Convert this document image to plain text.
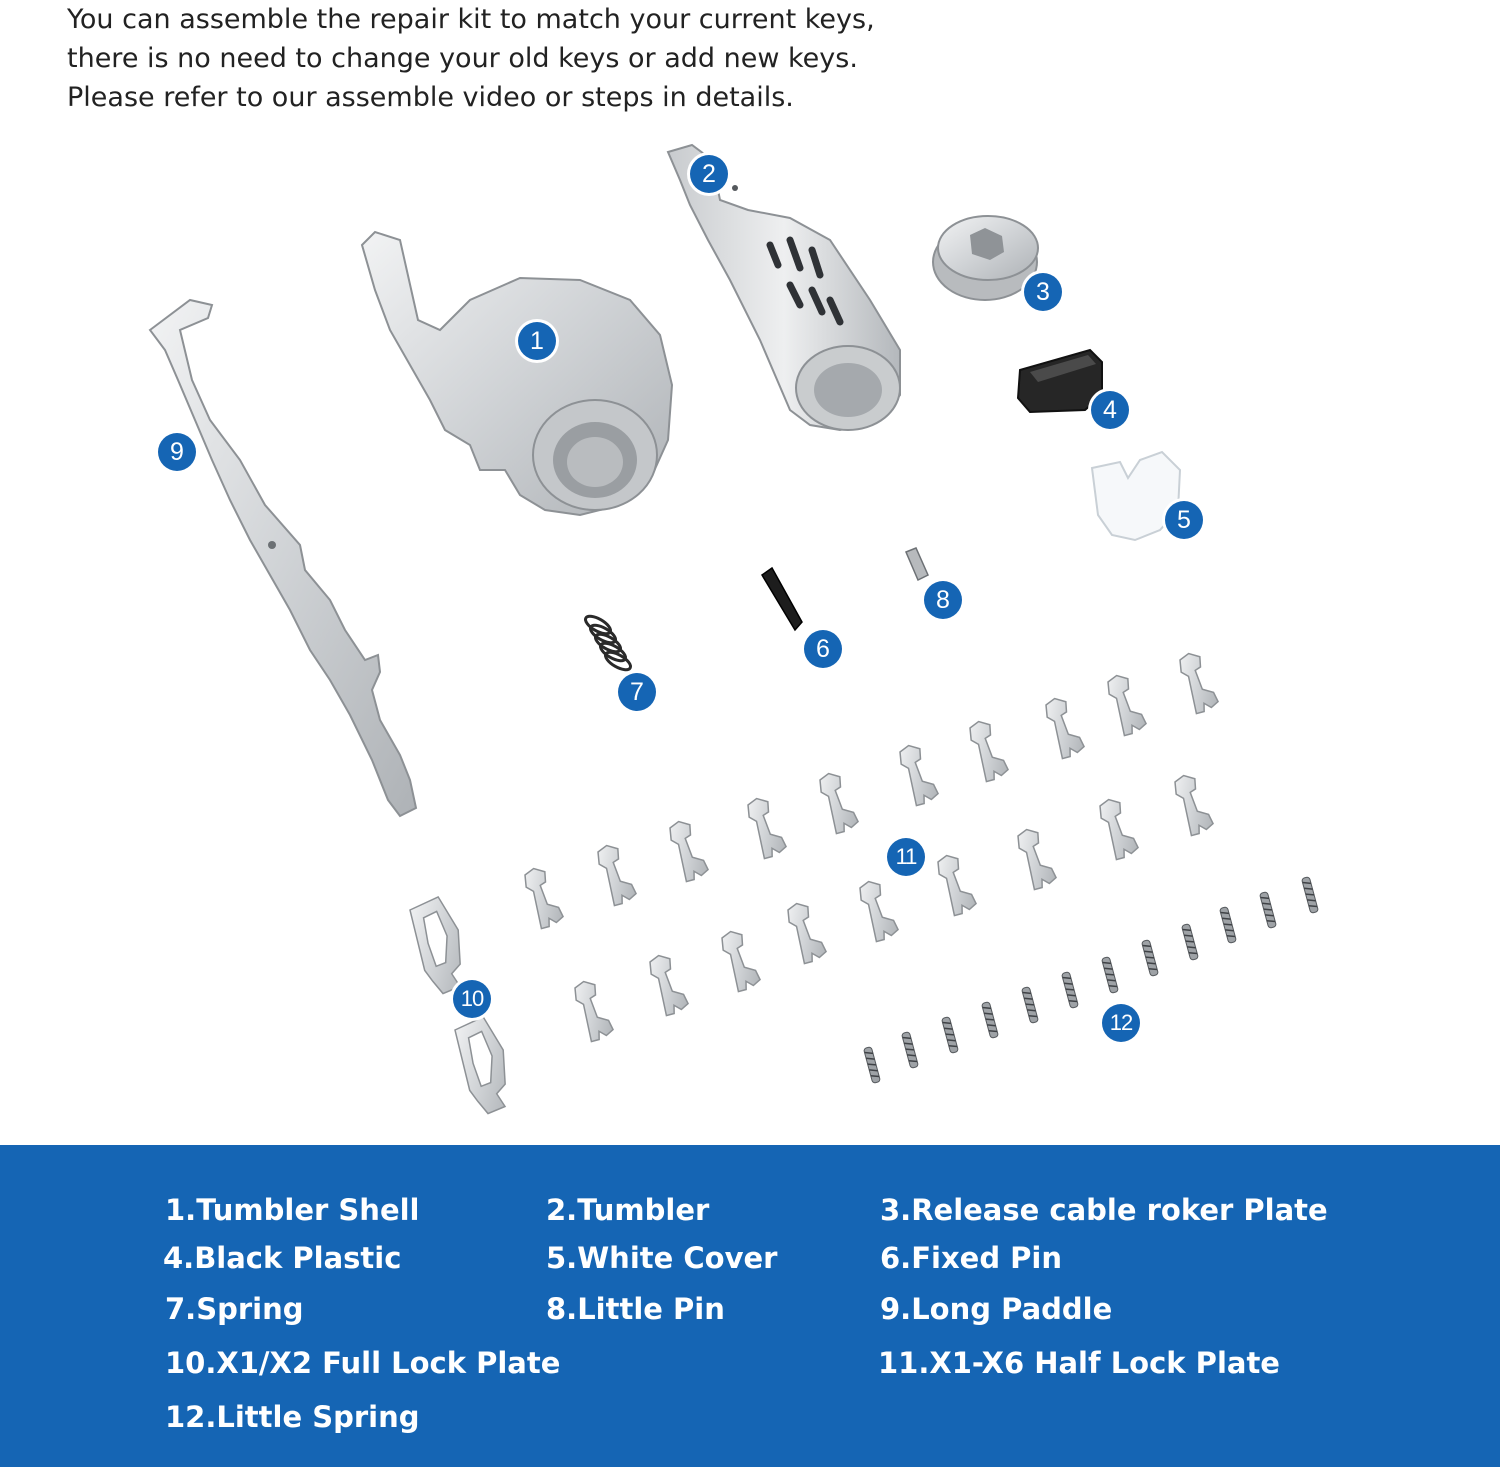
You can assemble the repair kit to match your current keys,
there is no need to change your old keys or add new keys.
Please refer to our assemble video or steps in details.

1
2
3
4
5
6
7
8
9
10
11
12
1.Tumbler Shell	2.Tumbler	3.Release cable roker Plate
4.Black Plastic	5.White Cover	6.Fixed Pin
7.Spring	8.Little Pin	9.Long Paddle
10.X1/X2 Full Lock Plate	11.X1-X6 Half Lock Plate
12.Little Spring
